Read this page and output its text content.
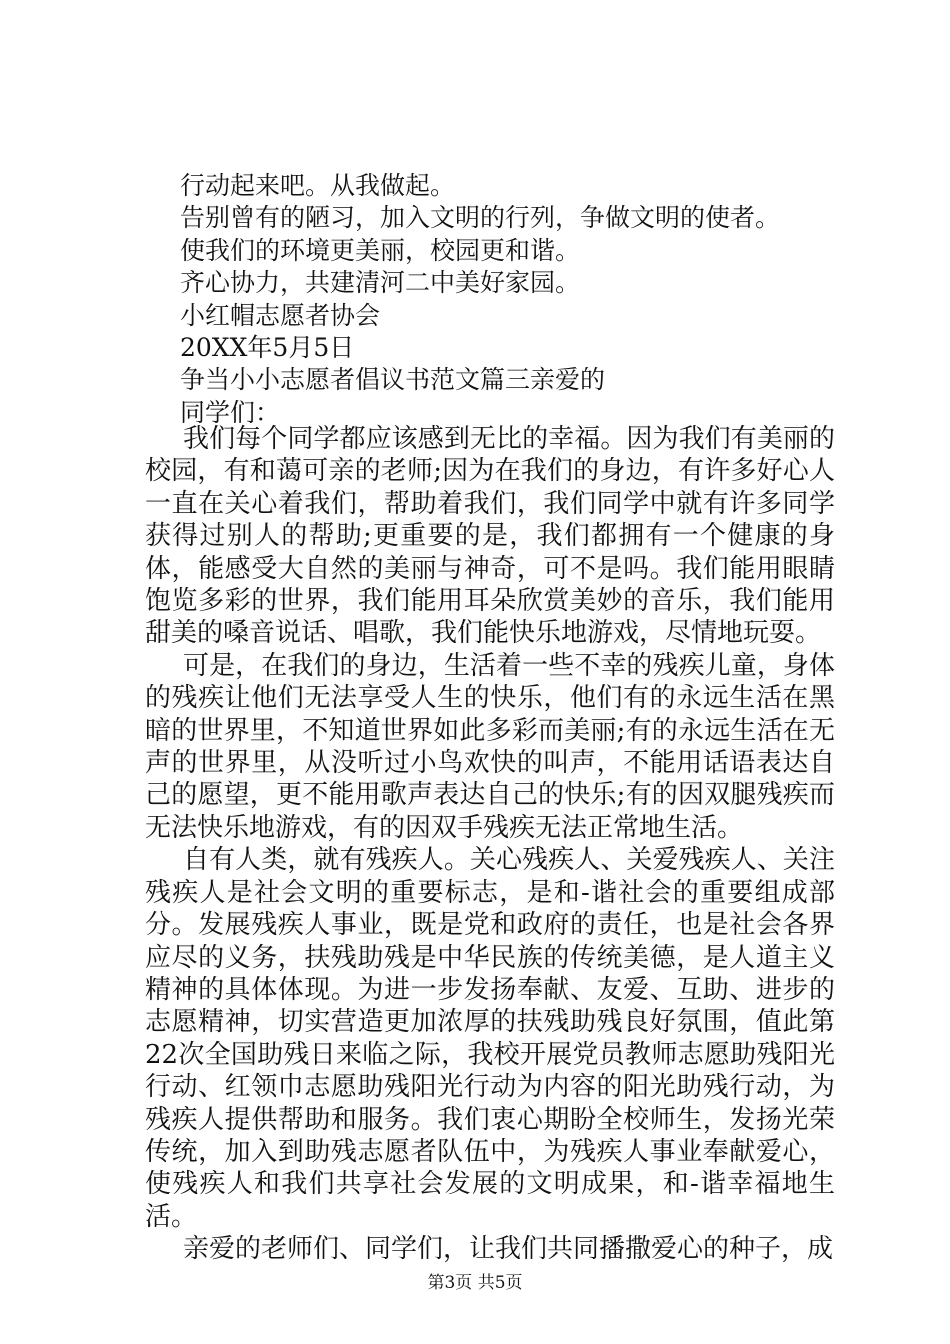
行动起来吧。从我做起。
告别曾有的陋习，加入文明的行列，争做文明的使者。
使我们的环境更美丽，校园更和谐。
齐心协力，共建清河二中美好家园。
小红帽志愿者协会
20XX年5月5日
争当小小志愿者倡议书范文篇三亲爱的
同学们：

我们每个同学都应该感到无比的幸福。因为我们有美丽的校园，有和蔼可亲的老师;因为在我们的身边，有许多好心人一直在关心着我们，帮助着我们，我们同学中就有许多同学获得过别人的帮助;更重要的是，我们都拥有一个健康的身体，能感受大自然的美丽与神奇，可不是吗。我们能用眼睛饱览多彩的世界，我们能用耳朵欣赏美妙的音乐，我们能用甜美的嗓音说话、唱歌，我们能快乐地游戏，尽情地玩耍。

可是，在我们的身边，生活着一些不幸的残疾儿童，身体的残疾让他们无法享受人生的快乐，他们有的永远生活在黑暗的世界里，不知道世界如此多彩而美丽;有的永远生活在无声的世界里，从没听过小鸟欢快的叫声，不能用话语表达自己的愿望，更不能用歌声表达自己的快乐;有的因双腿残疾而无法快乐地游戏，有的因双手残疾无法正常地生活。

自有人类，就有残疾人。关心残疾人、关爱残疾人、关注残疾人是社会文明的重要标志，是和-谐社会的重要组成部分。发展残疾人事业，既是党和政府的责任，也是社会各界应尽的义务，扶残助残是中华民族的传统美德，是人道主义精神的具体体现。为进一步发扬奉献、友爱、互助、进步的志愿精神，切实营造更加浓厚的扶残助残良好氛围，值此第22次全国助残日来临之际，我校开展党员教师志愿助残阳光行动、红领巾志愿助残阳光行动为内容的阳光助残行动，为残疾人提供帮助和服务。我们衷心期盼全校师生，发扬光荣传统，加入到助残志愿者队伍中，为残疾人事业奉献爱心，使残疾人和我们共享社会发展的文明成果，和-谐幸福地生活。

亲爱的老师们、同学们，让我们共同播撒爱心的种子，成

第3页 共5页
